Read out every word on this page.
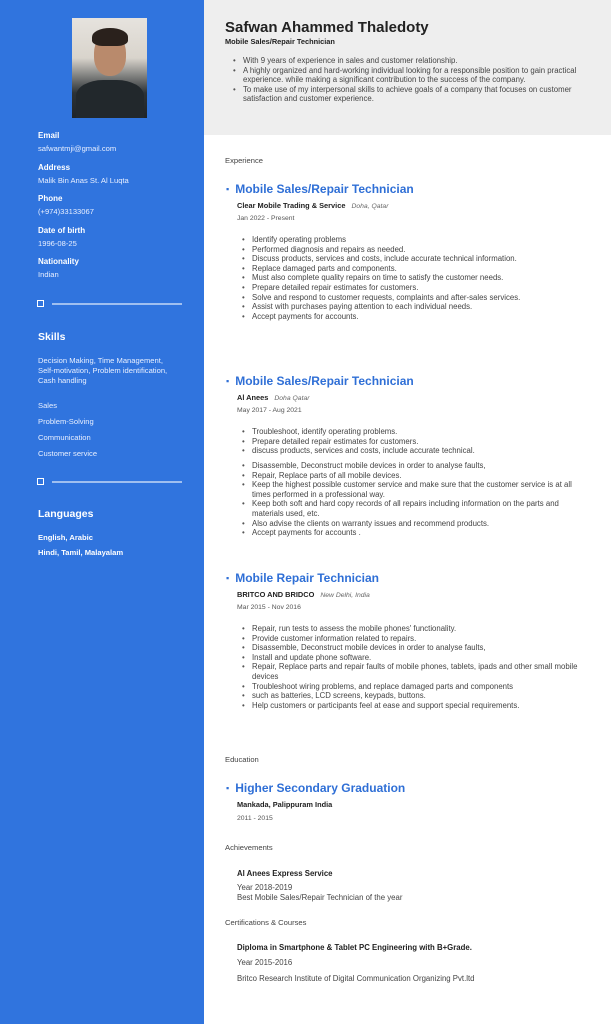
Email
safwantmji@gmail.com
Address
Malik Bin Anas St. Al Luqta
Phone
(+974)33133067
Date of birth
1996-08-25
Nationality
Indian
Skills
Decision Making, Time Management, Self-motivation, Problem identification, Cash handling
Sales
Problem-Solving
Communication
Customer service
Languages
English, Arabic
Hindi, Tamil, Malayalam
Safwan Ahammed Thaledoty
Mobile Sales/Repair Technician
• With 9 years of experience in sales and customer relationship.
• A highly organized and hard-working individual looking for a responsible position to gain practical experience. while making a significant contribution to the success of the company.
• To make use of my interpersonal skills to achieve goals of a company that focuses on customer satisfaction and customer experience.
Experience
▪ Mobile Sales/Repair Technician
Clear Mobile Trading & Service Doha, Qatar
Jan 2022 - Present
• Identify operating problems
• Performed diagnosis and repairs as needed.
• Discuss products, services and costs, include accurate technical information.
• Replace damaged parts and components.
• Must also complete quality repairs on time to satisfy the customer needs.
• Prepare detailed repair estimates for customers.
• Solve and respond to customer requests, complaints and after-sales services.
• Assist with purchases paying attention to each individual needs.
• Accept payments for accounts.
▪ Mobile Sales/Repair Technician
Al Anees Doha Qatar
May 2017 - Aug 2021
• Troubleshoot, identify operating problems.
• Prepare detailed repair estimates for customers.
• discuss products, services and costs, include accurate technical.
• Disassemble, Deconstruct mobile devices in order to analyse faults,
• Repair, Replace parts of all mobile devices.
• Keep the highest possible customer service and make sure that the customer service is at all times performed in a professional way.
• Keep both soft and hard copy records of all repairs including information on the parts and materials used, etc.
• Also advise the clients on warranty issues and recommend products.
• Accept payments for accounts .
▪ Mobile Repair Technician
BRITCO AND BRIDCO New Delhi, India
Mar 2015 - Nov 2016
• Repair, run tests to assess the mobile phones' functionality.
• Provide customer information related to repairs.
• Disassemble, Deconstruct mobile devices in order to analyse faults,
• Install and update phone software.
• Repair, Replace parts and repair faults of mobile phones, tablets, ipads and other small mobile devices
• Troubleshoot wiring problems, and replace damaged parts and components
• such as batteries, LCD screens, keypads, buttons.
• Help customers or participants feel at ease and support special requirements.
Education
▪ Higher Secondary Graduation
Mankada, Palippuram India
2011 - 2015
Achievements
Al Anees Express Service
Year 2018-2019
Best Mobile Sales/Repair Technician of the year
Certifications & Courses
Diploma in Smartphone & Tablet PC Engineering with B+Grade.
Year 2015-2016
Britco Research Institute of Digital Communication Organizing Pvt.ltd
